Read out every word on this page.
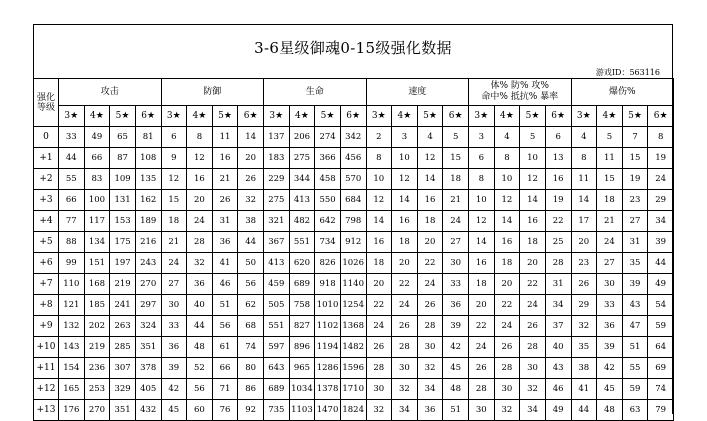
3-6星级御魂0-15级强化数据
游戏ID：563116
强化
等级	攻击				防御				生命				速度				体% 防% 攻%
命中% 抵抗% 暴率				爆伤%			
	3★	4★	5★	6★	3★	4★	5★	6★	3★	4★	5★	6★	3★	4★	5★	6★	3★	4★	5★	6★	3★	4★	5★	6★
0	33	49	65	81	6	8	11	14	137	206	274	342	2	3	4	5	3	4	5	6	4	5	7	8
+1	44	66	87	108	9	12	16	20	183	275	366	456	8	10	12	15	6	8	10	13	8	11	15	19
+2	55	83	109	135	12	16	21	26	229	344	458	570	10	12	14	18	8	10	12	16	11	15	19	24
+3	66	100	131	162	15	20	26	32	275	413	550	684	12	14	16	21	10	12	14	19	14	18	23	29
+4	77	117	153	189	18	24	31	38	321	482	642	798	14	16	18	24	12	14	16	22	17	21	27	34
+5	88	134	175	216	21	28	36	44	367	551	734	912	16	18	20	27	14	16	18	25	20	24	31	39
+6	99	151	197	243	24	32	41	50	413	620	826	1026	18	20	22	30	16	18	20	28	23	27	35	44
+7	110	168	219	270	27	36	46	56	459	689	918	1140	20	22	24	33	18	20	22	31	26	30	39	49
+8	121	185	241	297	30	40	51	62	505	758	1010	1254	22	24	26	36	20	22	24	34	29	33	43	54
+9	132	202	263	324	33	44	56	68	551	827	1102	1368	24	26	28	39	22	24	26	37	32	36	47	59
+10	143	219	285	351	36	48	61	74	597	896	1194	1482	26	28	30	42	24	26	28	40	35	39	51	64
+11	154	236	307	378	39	52	66	80	643	965	1286	1596	28	30	32	45	26	28	30	43	38	42	55	69
+12	165	253	329	405	42	56	71	86	689	1034	1378	1710	30	32	34	48	28	30	32	46	41	45	59	74
+13	176	270	351	432	45	60	76	92	735	1103	1470	1824	32	34	36	51	30	32	34	49	44	48	63	79
